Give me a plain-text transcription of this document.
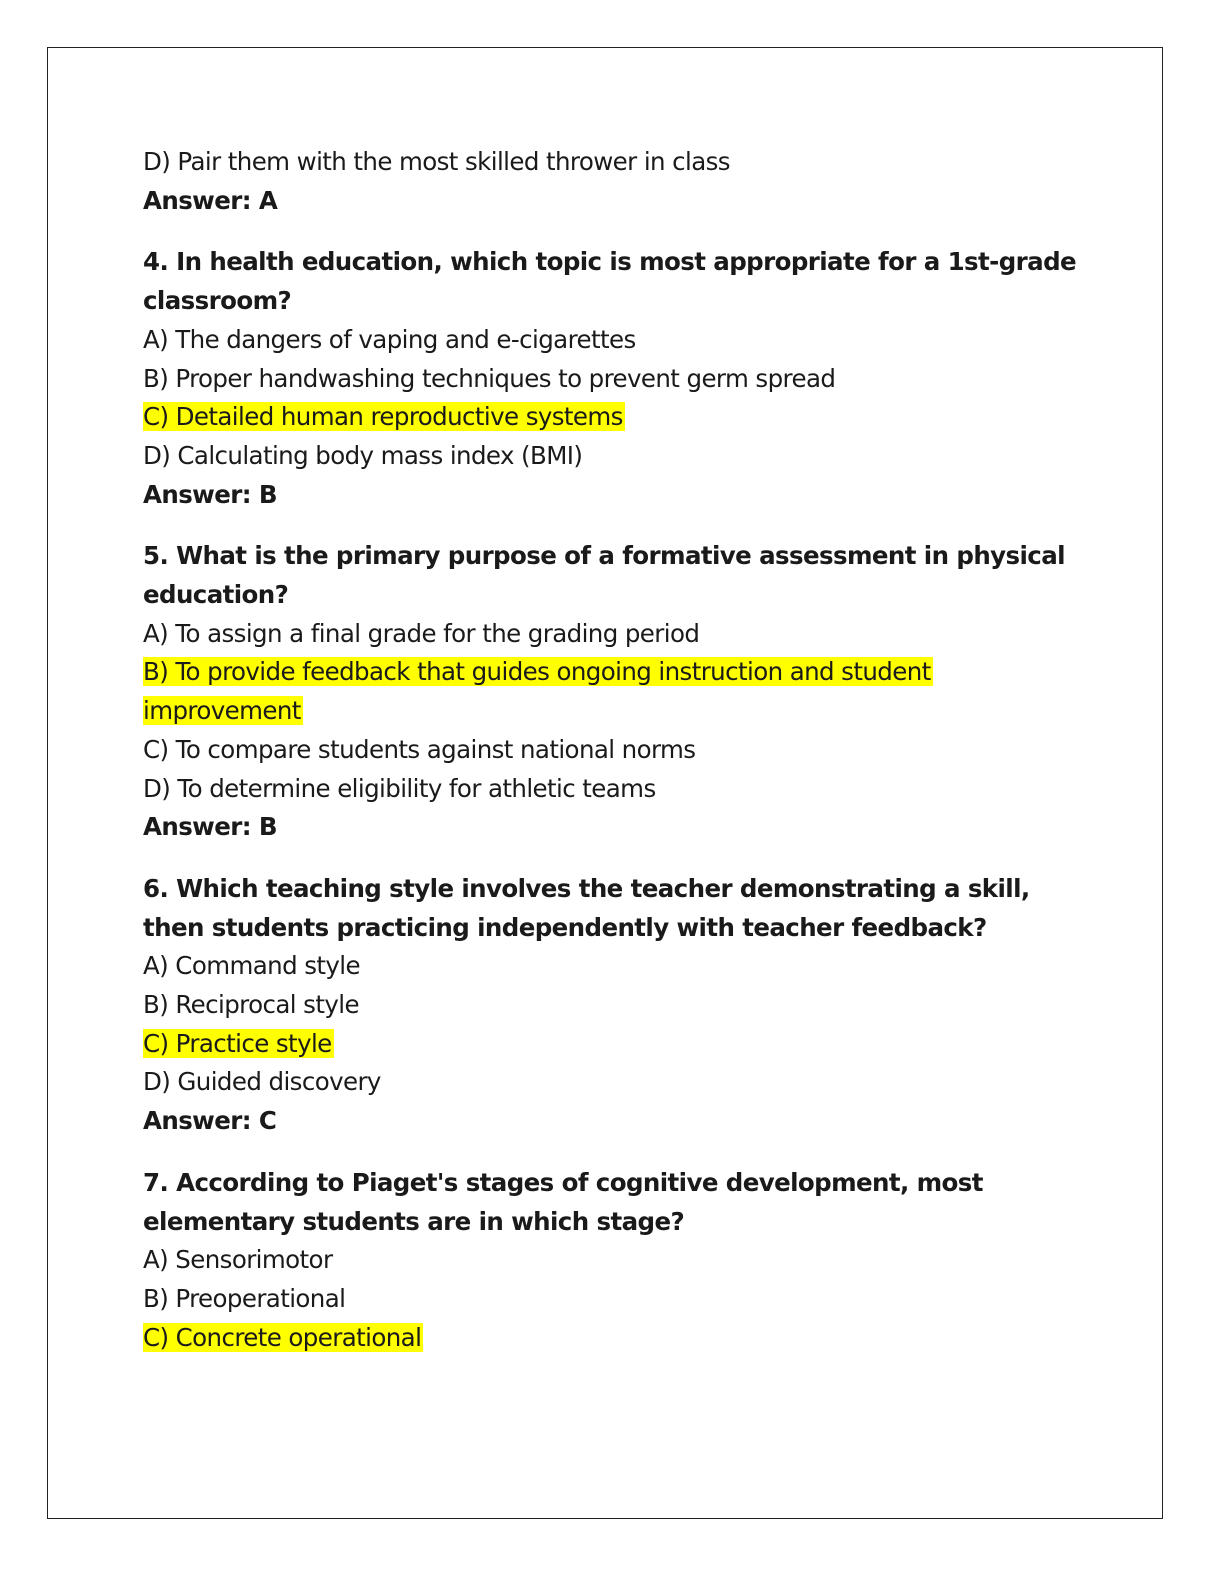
D) Pair them with the most skilled thrower in class
Answer: A
4. In health education, which topic is most appropriate for a 1st-grade classroom?
A) The dangers of vaping and e-cigarettes
B) Proper handwashing techniques to prevent germ spread
C) Detailed human reproductive systems
D) Calculating body mass index (BMI)
Answer: B
5. What is the primary purpose of a formative assessment in physical education?
A) To assign a final grade for the grading period
B) To provide feedback that guides ongoing instruction and student
improvement
C) To compare students against national norms
D) To determine eligibility for athletic teams
Answer: B
6. Which teaching style involves the teacher demonstrating a skill, then students practicing independently with teacher feedback?
A) Command style
B) Reciprocal style
C) Practice style
D) Guided discovery
Answer: C
7. According to Piaget's stages of cognitive development, most elementary students are in which stage?
A) Sensorimotor
B) Preoperational
C) Concrete operational
